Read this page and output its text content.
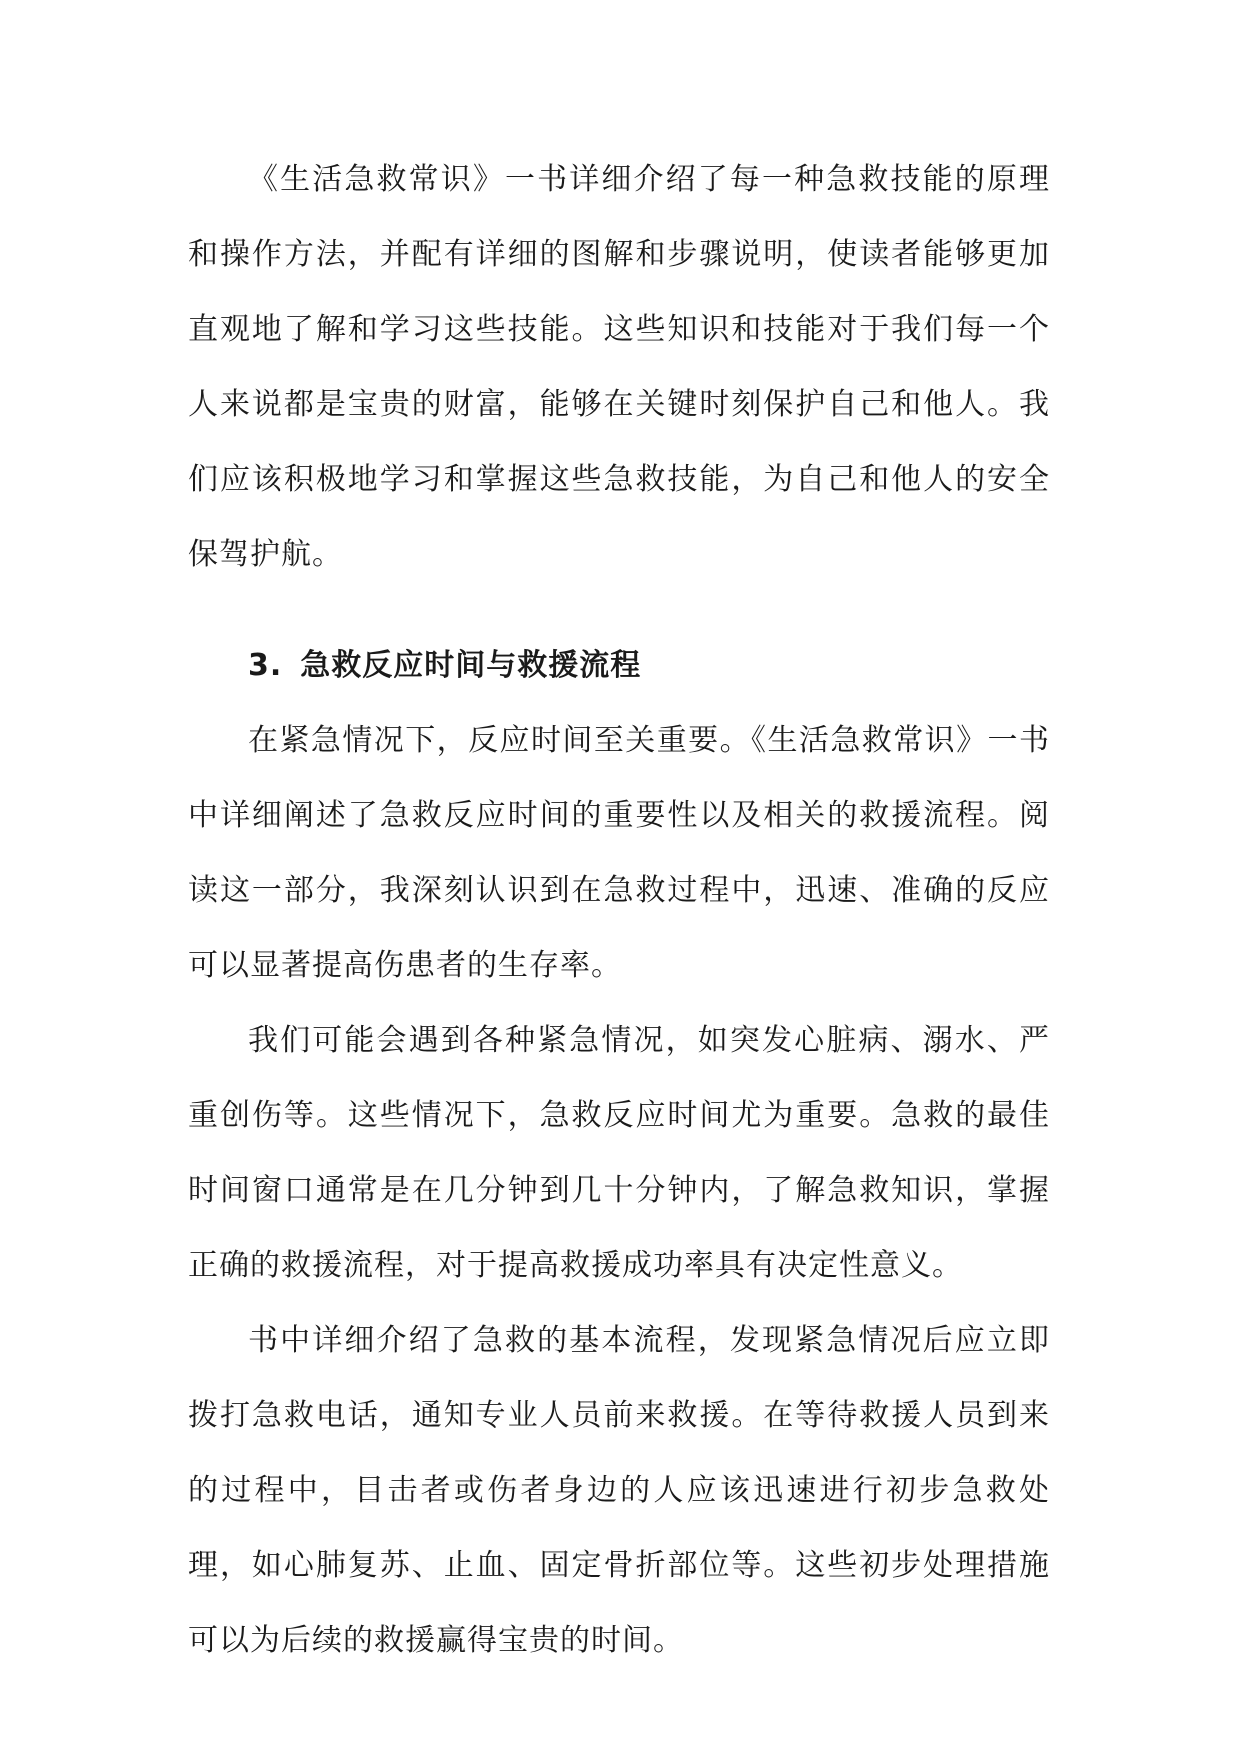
《生活急救常识》一书详细介绍了每一种急救技能的原理和操作方法，并配有详细的图解和步骤说明，使读者能够更加直观地了解和学习这些技能。这些知识和技能对于我们每一个人来说都是宝贵的财富，能够在关键时刻保护自己和他人。我们应该积极地学习和掌握这些急救技能，为自己和他人的安全保驾护航。

3. 急救反应时间与救援流程

在紧急情况下，反应时间至关重要。《生活急救常识》一书中详细阐述了急救反应时间的重要性以及相关的救援流程。阅读这一部分，我深刻认识到在急救过程中，迅速、准确的反应可以显著提高伤患者的生存率。

我们可能会遇到各种紧急情况，如突发心脏病、溺水、严重创伤等。这些情况下，急救反应时间尤为重要。急救的最佳时间窗口通常是在几分钟到几十分钟内，了解急救知识，掌握正确的救援流程，对于提高救援成功率具有决定性意义。

书中详细介绍了急救的基本流程，发现紧急情况后应立即拨打急救电话，通知专业人员前来救援。在等待救援人员到来的过程中，目击者或伤者身边的人应该迅速进行初步急救处理，如心肺复苏、止血、固定骨折部位等。这些初步处理措施可以为后续的救援赢得宝贵的时间。
